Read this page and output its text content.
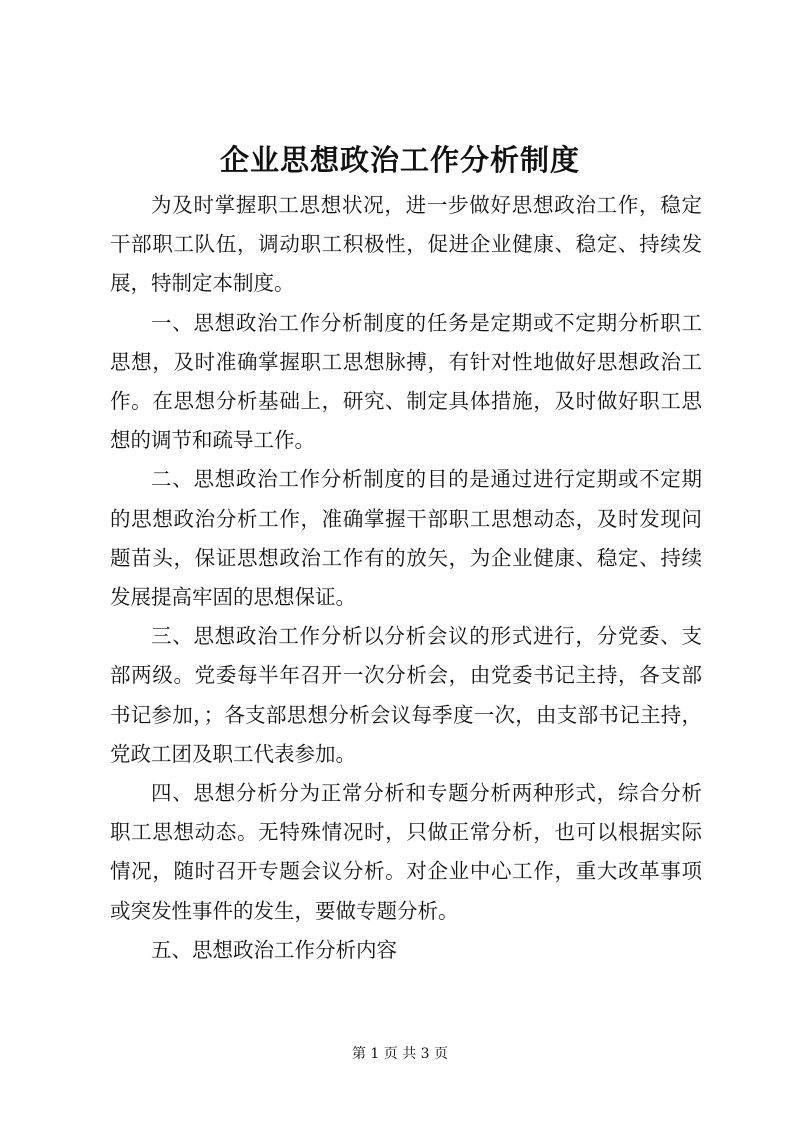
企业思想政治工作分析制度

为及时掌握职工思想状况，进一步做好思想政治工作，稳定干部职工队伍，调动职工积极性，促进企业健康、稳定、持续发展，特制定本制度。

一、思想政治工作分析制度的任务是定期或不定期分析职工思想，及时准确掌握职工思想脉搏，有针对性地做好思想政治工作。在思想分析基础上，研究、制定具体措施，及时做好职工思想的调节和疏导工作。

二、思想政治工作分析制度的目的是通过进行定期或不定期的思想政治分析工作，准确掌握干部职工思想动态，及时发现问题苗头，保证思想政治工作有的放矢，为企业健康、稳定、持续发展提高牢固的思想保证。

三、思想政治工作分析以分析会议的形式进行，分党委、支部两级。党委每半年召开一次分析会，由党委书记主持，各支部书记参加，；各支部思想分析会议每季度一次，由支部书记主持，党政工团及职工代表参加。

四、思想分析分为正常分析和专题分析两种形式，综合分析职工思想动态。无特殊情况时，只做正常分析，也可以根据实际情况，随时召开专题会议分析。对企业中心工作，重大改革事项或突发性事件的发生，要做专题分析。

五、思想政治工作分析内容

第 1 页 共 3 页
